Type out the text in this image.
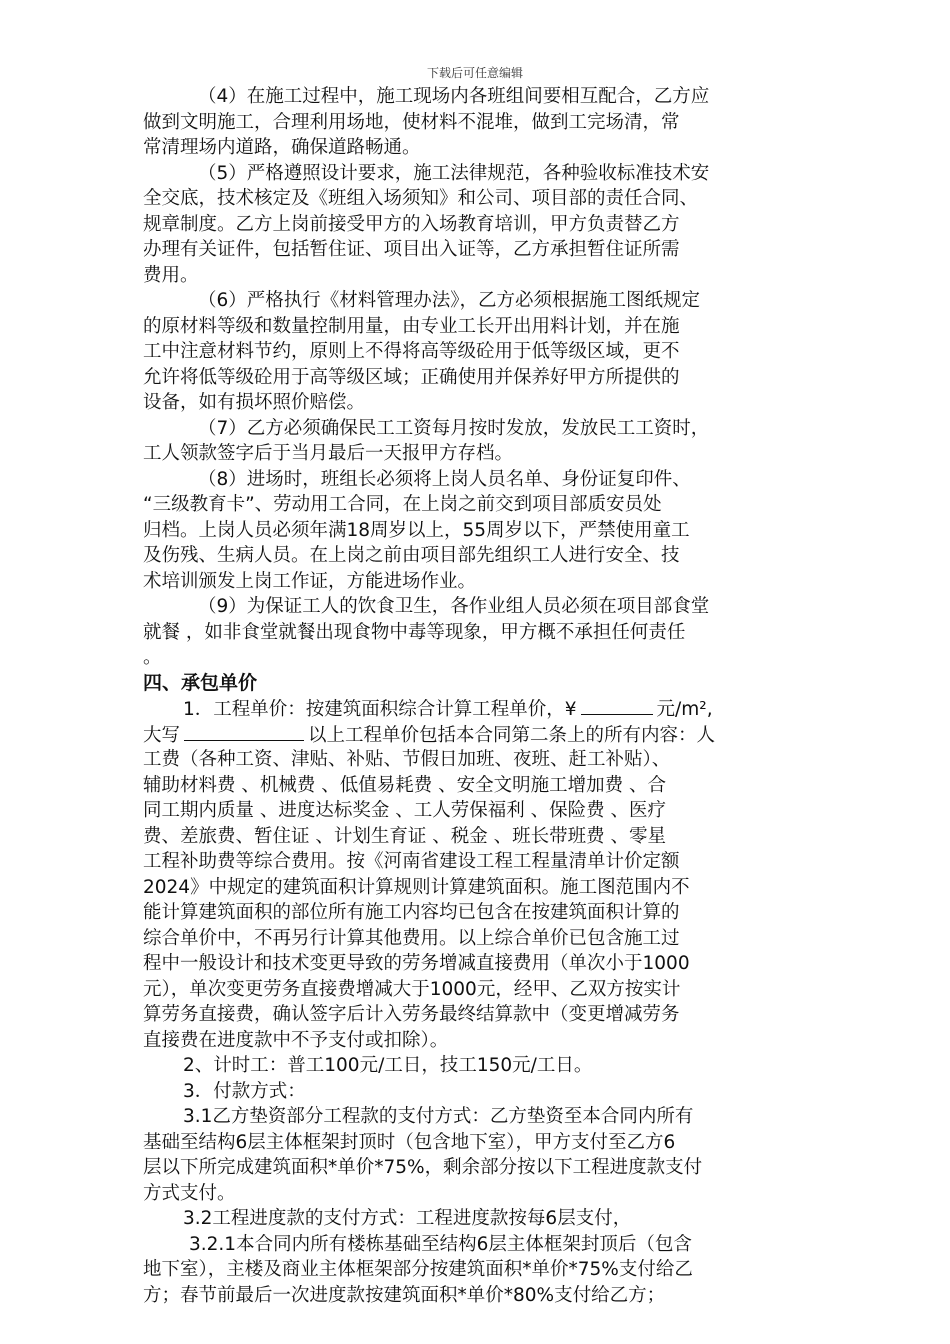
下载后可任意编辑
（4）在施工过程中，施工现场内各班组间要相互配合，乙方应
做到文明施工，合理利用场地，使材料不混堆，做到工完场清，常
常清理场内道路，确保道路畅通。
（5）严格遵照设计要求，施工法律规范，各种验收标准技术安
全交底，技术核定及《班组入场须知》和公司、项目部的责任合同、
规章制度。乙方上岗前接受甲方的入场教育培训，甲方负责替乙方
办理有关证件，包括暂住证、项目出入证等，乙方承担暂住证所需
费用。
（6）严格执行《材料管理办法》，乙方必须根据施工图纸规定
的原材料等级和数量控制用量，由专业工长开出用料计划，并在施
工中注意材料节约，原则上不得将高等级砼用于低等级区域，更不
允许将低等级砼用于高等级区域；正确使用并保养好甲方所提供的
设备，如有损坏照价赔偿。
（7）乙方必须确保民工工资每月按时发放，发放民工工资时，
工人领款签字后于当月最后一天报甲方存档。
（8）进场时，班组长必须将上岗人员名单、身份证复印件、
“三级教育卡”、劳动用工合同，在上岗之前交到项目部质安员处
归档。上岗人员必须年满18周岁以上，55周岁以下，严禁使用童工
及伤残、生病人员。在上岗之前由项目部先组织工人进行安全、技
术培训颁发上岗工作证，方能进场作业。
（9）为保证工人的饮食卫生，各作业组人员必须在项目部食堂
就餐 ，如非食堂就餐出现食物中毒等现象，甲方概不承担任何责任
。
四、承包单价
1．工程单价：按建筑面积综合计算工程单价，¥	元/m²,
大写	以上工程单价包括本合同第二条上的所有内容：人
工费（各种工资、津贴、补贴、节假日加班、夜班、赶工补贴）、
辅助材料费 、机械费 、低值易耗费 、安全文明施工增加费 、合
同工期内质量 、进度达标奖金 、工人劳保福利 、保险费 、医疗
费、差旅费、暂住证 、计划生育证 、税金 、班长带班费 、零星
工程补助费等综合费用。按《河南省建设工程工程量清单计价定额
2024》中规定的建筑面积计算规则计算建筑面积。施工图范围内不
能计算建筑面积的部位所有施工内容均已包含在按建筑面积计算的
综合单价中，不再另行计算其他费用。以上综合单价已包含施工过
程中一般设计和技术变更导致的劳务增减直接费用（单次小于1000
元），单次变更劳务直接费增减大于1000元，经甲、乙双方按实计
算劳务直接费，确认签字后计入劳务最终结算款中（变更增减劳务
直接费在进度款中不予支付或扣除）。
2、计时工：普工100元/工日，技工150元/工日。
3．付款方式：
3.1乙方垫资部分工程款的支付方式：乙方垫资至本合同内所有
基础至结构6层主体框架封顶时（包含地下室），甲方支付至乙方6
层以下所完成建筑面积*单价*75%，剩余部分按以下工程进度款支付
方式支付。
3.2工程进度款的支付方式：工程进度款按每6层支付，
3.2.1本合同内所有楼栋基础至结构6层主体框架封顶后（包含
地下室），主楼及商业主体框架部分按建筑面积*单价*75%支付给乙
方；春节前最后一次进度款按建筑面积*单价*80%支付给乙方；
